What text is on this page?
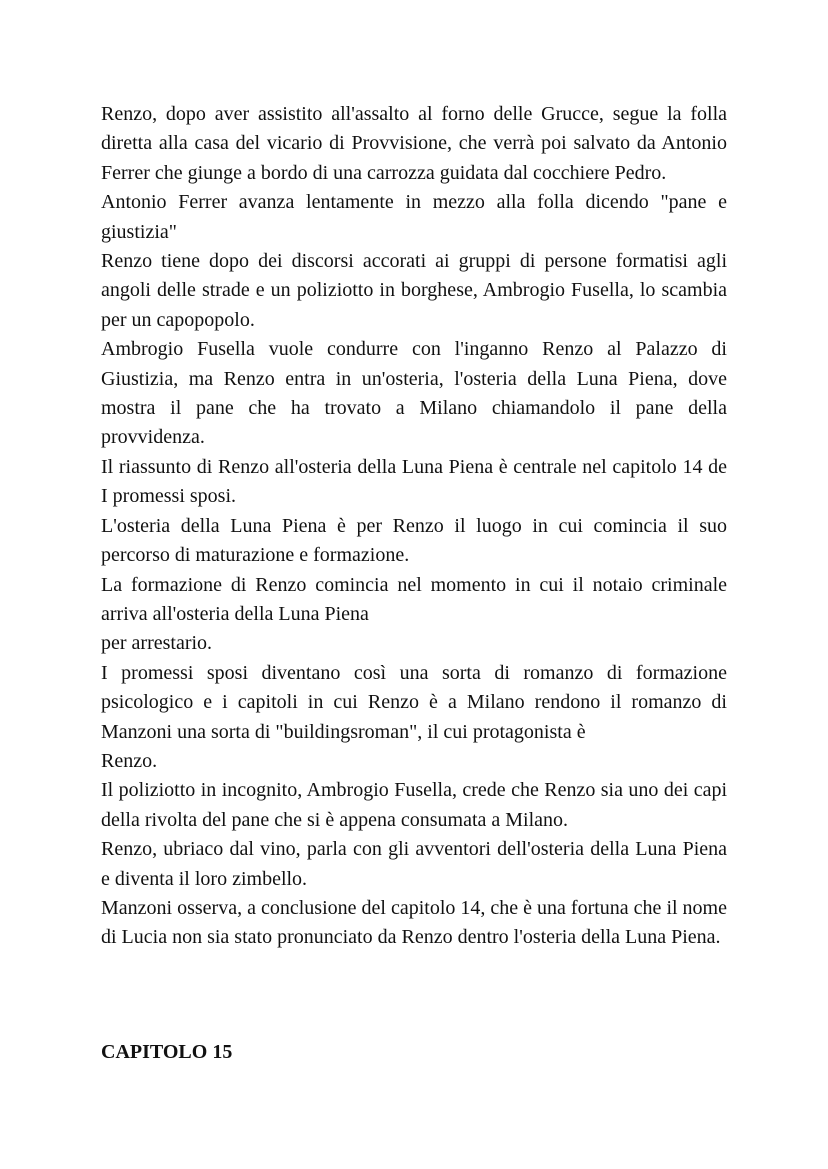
Renzo, dopo aver assistito all'assalto al forno delle Grucce, segue la folla diretta alla casa del vicario di Provvisione, che verrà poi salvato da Antonio Ferrer che giunge a bordo di una carrozza guidata dal cocchiere Pedro.

Antonio Ferrer avanza lentamente in mezzo alla folla dicendo "pane e giustizia"

Renzo tiene dopo dei discorsi accorati ai gruppi di persone formatisi agli angoli delle strade e un poliziotto in borghese, Ambrogio Fusella, lo scambia per un capopopolo.

Ambrogio Fusella vuole condurre con l'inganno Renzo al Palazzo di Giustizia, ma Renzo entra in un'osteria, l'osteria della Luna Piena, dove mostra il pane che ha trovato a Milano chiamandolo il pane della provvidenza.

Il riassunto di Renzo all'osteria della Luna Piena è centrale nel capitolo 14 de I promessi sposi.

L'osteria della Luna Piena è per Renzo il luogo in cui comincia il suo percorso di maturazione e formazione.

La formazione di Renzo comincia nel momento in cui il notaio criminale arriva all'osteria della Luna Piena

per arrestario.

I promessi sposi diventano così una sorta di romanzo di formazione psicologico e i capitoli in cui Renzo è a Milano rendono il romanzo di Manzoni una sorta di "buildingsroman", il cui protagonista è

Renzo.

Il poliziotto in incognito, Ambrogio Fusella, crede che Renzo sia uno dei capi della rivolta del pane che si è appena consumata a Milano.

Renzo, ubriaco dal vino, parla con gli avventori dell'osteria della Luna Piena e diventa il loro zimbello.

Manzoni osserva, a conclusione del capitolo 14, che è una fortuna che il nome di Lucia non sia stato pronunciato da Renzo dentro l'osteria della Luna Piena.

CAPITOLO 15
